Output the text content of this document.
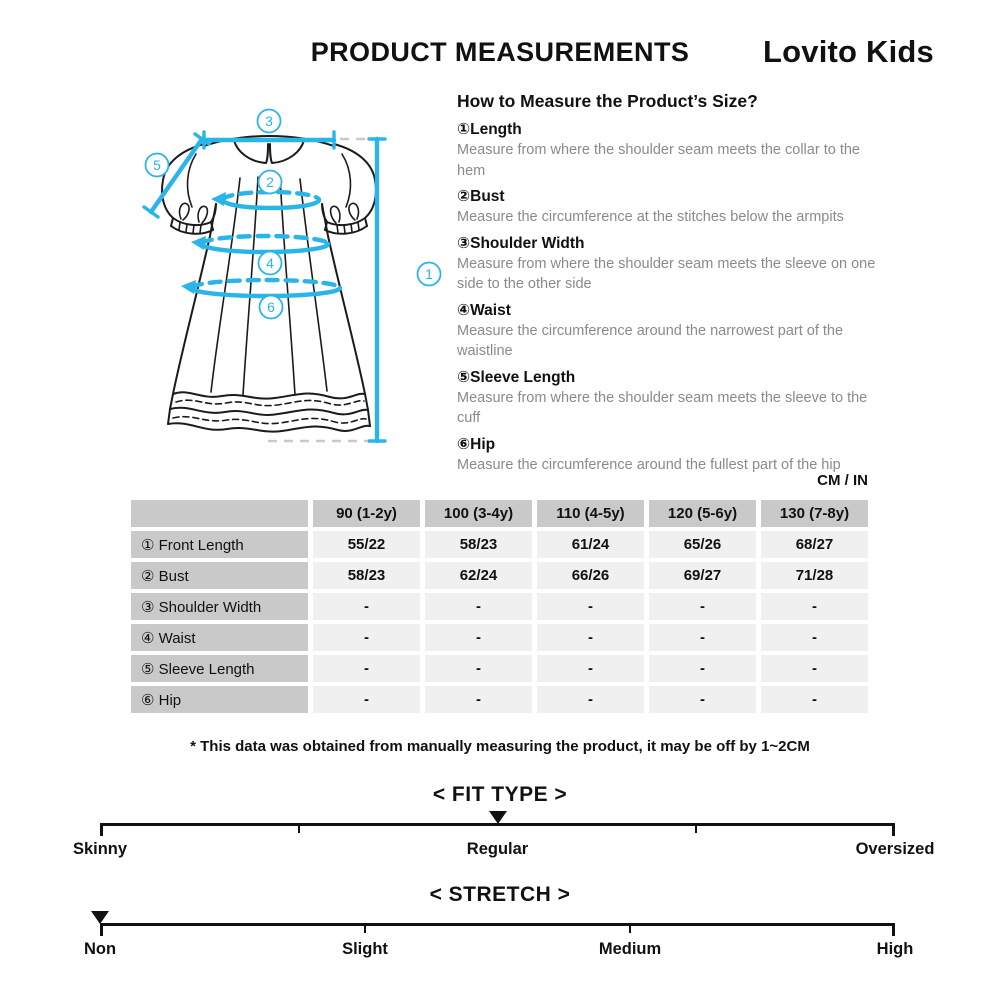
PRODUCT MEASUREMENTS	Lovito Kids
1
2
3
4
5
6
How to Measure the Product’s Size?
①Length
Measure from where the shoulder seam meets the collar to the hem
②Bust
Measure the circumference at the stitches below the armpits
③Shoulder Width
Measure from where the shoulder seam meets the sleeve on one side to the other side
④Waist
Measure the circumference around the narrowest part of the waistline
⑤Sleeve Length
Measure from where the shoulder seam meets the sleeve to the cuff
⑥Hip
Measure the circumference around the fullest part of the hip
CM / IN
90 (1-2y)	100 (3-4y)	110 (4-5y)	120 (5-6y)	130 (7-8y)
① Front Length	55/22	58/23	61/24	65/26	68/27
② Bust	58/23	62/24	66/26	69/27	71/28
③ Shoulder Width	-	-	-	-	-
④ Waist	-	-	-	-	-
⑤ Sleeve Length	-	-	-	-	-
⑥ Hip	-	-	-	-	-
* This data was obtained from manually measuring the product, it may be off by 1~2CM
< FIT TYPE >
Skinny	Regular	Oversized
< STRETCH >
Non	Slight	Medium	High
